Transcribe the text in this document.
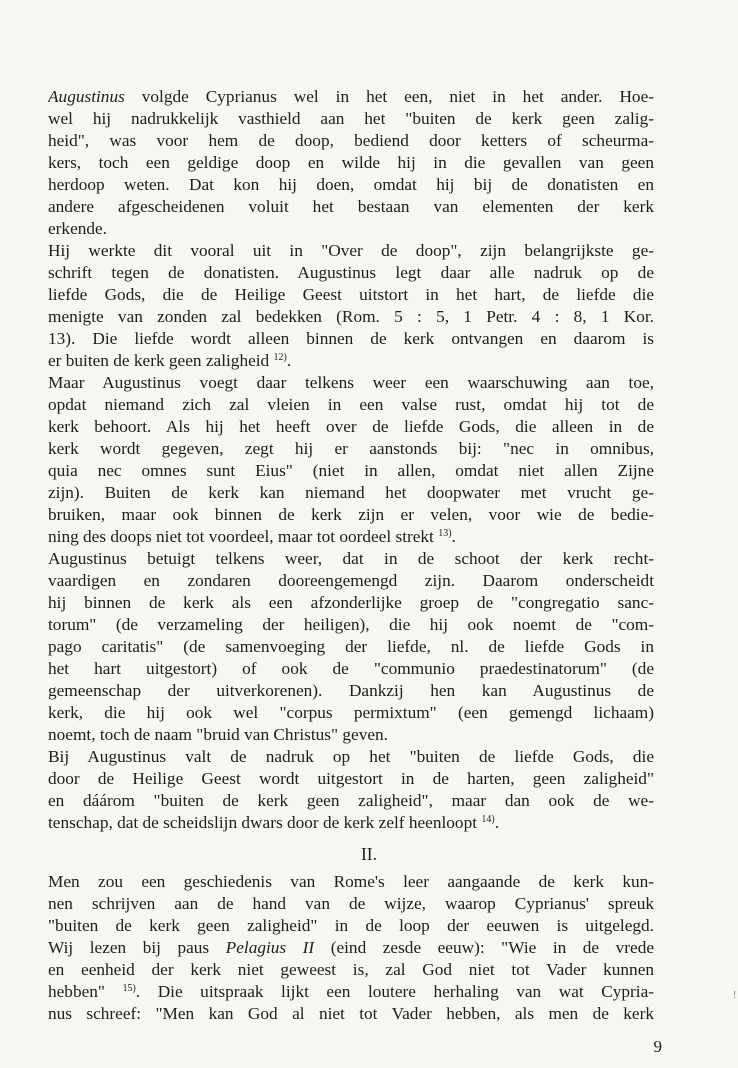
Augustinus volgde Cyprianus wel in het een, niet in het ander. Hoe-
wel hij nadrukkelijk vasthield aan het "buiten de kerk geen zalig-
heid", was voor hem de doop, bediend door ketters of scheurma-
kers, toch een geldige doop en wilde hij in die gevallen van geen
herdoop weten. Dat kon hij doen, omdat hij bij de donatisten en
andere afgescheidenen voluit het bestaan van elementen der kerk
erkende.
Hij werkte dit vooral uit in "Over de doop", zijn belangrijkste ge-
schrift tegen de donatisten. Augustinus legt daar alle nadruk op de
liefde Gods, die de Heilige Geest uitstort in het hart, de liefde die
menigte van zonden zal bedekken (Rom. 5 : 5, 1 Petr. 4 : 8, 1 Kor.
13). Die liefde wordt alleen binnen de kerk ontvangen en daarom is
er buiten de kerk geen zaligheid $^{12)}$.
Maar Augustinus voegt daar telkens weer een waarschuwing aan toe,
opdat niemand zich zal vleien in een valse rust, omdat hij tot de
kerk behoort. Als hij het heeft over de liefde Gods, die alleen in de
kerk wordt gegeven, zegt hij er aanstonds bij: "nec in omnibus,
quia nec omnes sunt Eius" (niet in allen, omdat niet allen Zijne
zijn). Buiten de kerk kan niemand het doopwater met vrucht ge-
bruiken, maar ook binnen de kerk zijn er velen, voor wie de bedie-
ning des doops niet tot voordeel, maar tot oordeel strekt $^{13)}$.
Augustinus betuigt telkens weer, dat in de schoot der kerk recht-
vaardigen en zondaren dooreengemengd zijn. Daarom onderscheidt
hij binnen de kerk als een afzonderlijke groep de "congregatio sanc-
torum" (de verzameling der heiligen), die hij ook noemt de "com-
pago caritatis" (de samenvoeging der liefde, nl. de liefde Gods in
het hart uitgestort) of ook de "communio praedestinatorum" (de
gemeenschap der uitverkorenen). Dankzij hen kan Augustinus de
kerk, die hij ook wel "corpus permixtum" (een gemengd lichaam)
noemt, toch de naam "bruid van Christus" geven.
Bij Augustinus valt de nadruk op het "buiten de liefde Gods, die
door de Heilige Geest wordt uitgestort in de harten, geen zaligheid"
en dáárom "buiten de kerk geen zaligheid", maar dan ook de we-
tenschap, dat de scheidslijn dwars door de kerk zelf heenloopt $^{14)}$.
II.
Men zou een geschiedenis van Rome's leer aangaande de kerk kun-
nen schrijven aan de hand van de wijze, waarop Cyprianus' spreuk
"buiten de kerk geen zaligheid" in de loop der eeuwen is uitgelegd.
Wij lezen bij paus Pelagius II (eind zesde eeuw): "Wie in de vrede
en eenheid der kerk niet geweest is, zal God niet tot Vader kunnen
hebben" $^{15)}$. Die uitspraak lijkt een loutere herhaling van wat Cypria-
nus schreef: "Men kan God al niet tot Vader hebben, als men de kerk
9
!
